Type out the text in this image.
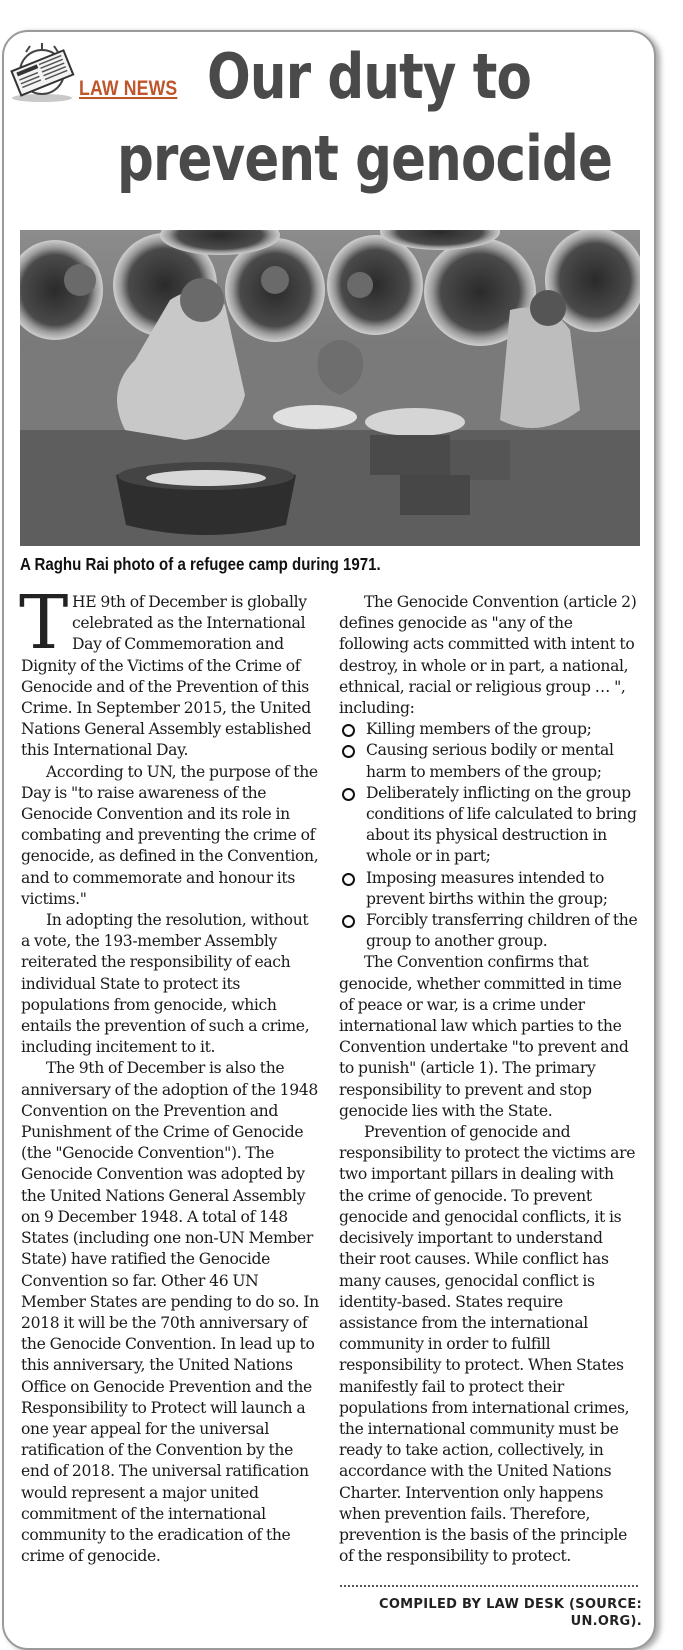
LAW NEWS Our duty to
prevent genocide
A Raghu Rai photo of a refugee camp during 1971.

THE 9th of December is globally celebrated as the International Day of Commemoration and Dignity of the Victims of the Crime of Genocide and of the Prevention of this Crime. In September 2015, the United Nations General Assembly established this International Day.

According to UN, the purpose of the Day is "to raise awareness of the Genocide Convention and its role in combating and preventing the crime of genocide, as defined in the Convention, and to commemorate and honour its victims."

In adopting the resolution, without a vote, the 193-member Assembly reiterated the responsibility of each individual State to protect its populations from genocide, which entails the prevention of such a crime, including incitement to it.

The 9th of December is also the anniversary of the adoption of the 1948 Convention on the Prevention and Punishment of the Crime of Genocide (the "Genocide Convention"). The Genocide Convention was adopted by the United Nations General Assembly on 9 December 1948. A total of 148 States (including one non-UN Member State) have ratified the Genocide Convention so far. Other 46 UN Member States are pending to do so. In 2018 it will be the 70th anniversary of the Genocide Convention. In lead up to this anniversary, the United Nations Office on Genocide Prevention and the Responsibility to Protect will launch a one year appeal for the universal ratification of the Convention by the end of 2018. The universal ratification would represent a major united commitment of the international community to the eradication of the crime of genocide.

The Genocide Convention (article 2) defines genocide as "any of the following acts committed with intent to destroy, in whole or in part, a national, ethnical, racial or religious group … ", including:

Killing members of the group;
Causing serious bodily or mental harm to members of the group;
Deliberately inflicting on the group conditions of life calculated to bring about its physical destruction in whole or in part;
Imposing measures intended to prevent births within the group;
Forcibly transferring children of the group to another group.

The Convention confirms that genocide, whether committed in time of peace or war, is a crime under international law which parties to the Convention undertake "to prevent and to punish" (article 1). The primary responsibility to prevent and stop genocide lies with the State.

Prevention of genocide and responsibility to protect the victims are two important pillars in dealing with the crime of genocide. To prevent genocide and genocidal conflicts, it is decisively important to understand their root causes. While conflict has many causes, genocidal conflict is identity-based. States require assistance from the international community in order to fulfill responsibility to protect. When States manifestly fail to protect their populations from international crimes, the international community must be ready to take action, collectively, in accordance with the United Nations Charter. Intervention only happens when prevention fails. Therefore, prevention is the basis of the principle of the responsibility to protect.

COMPILED BY LAW DESK (SOURCE: UN.ORG).
